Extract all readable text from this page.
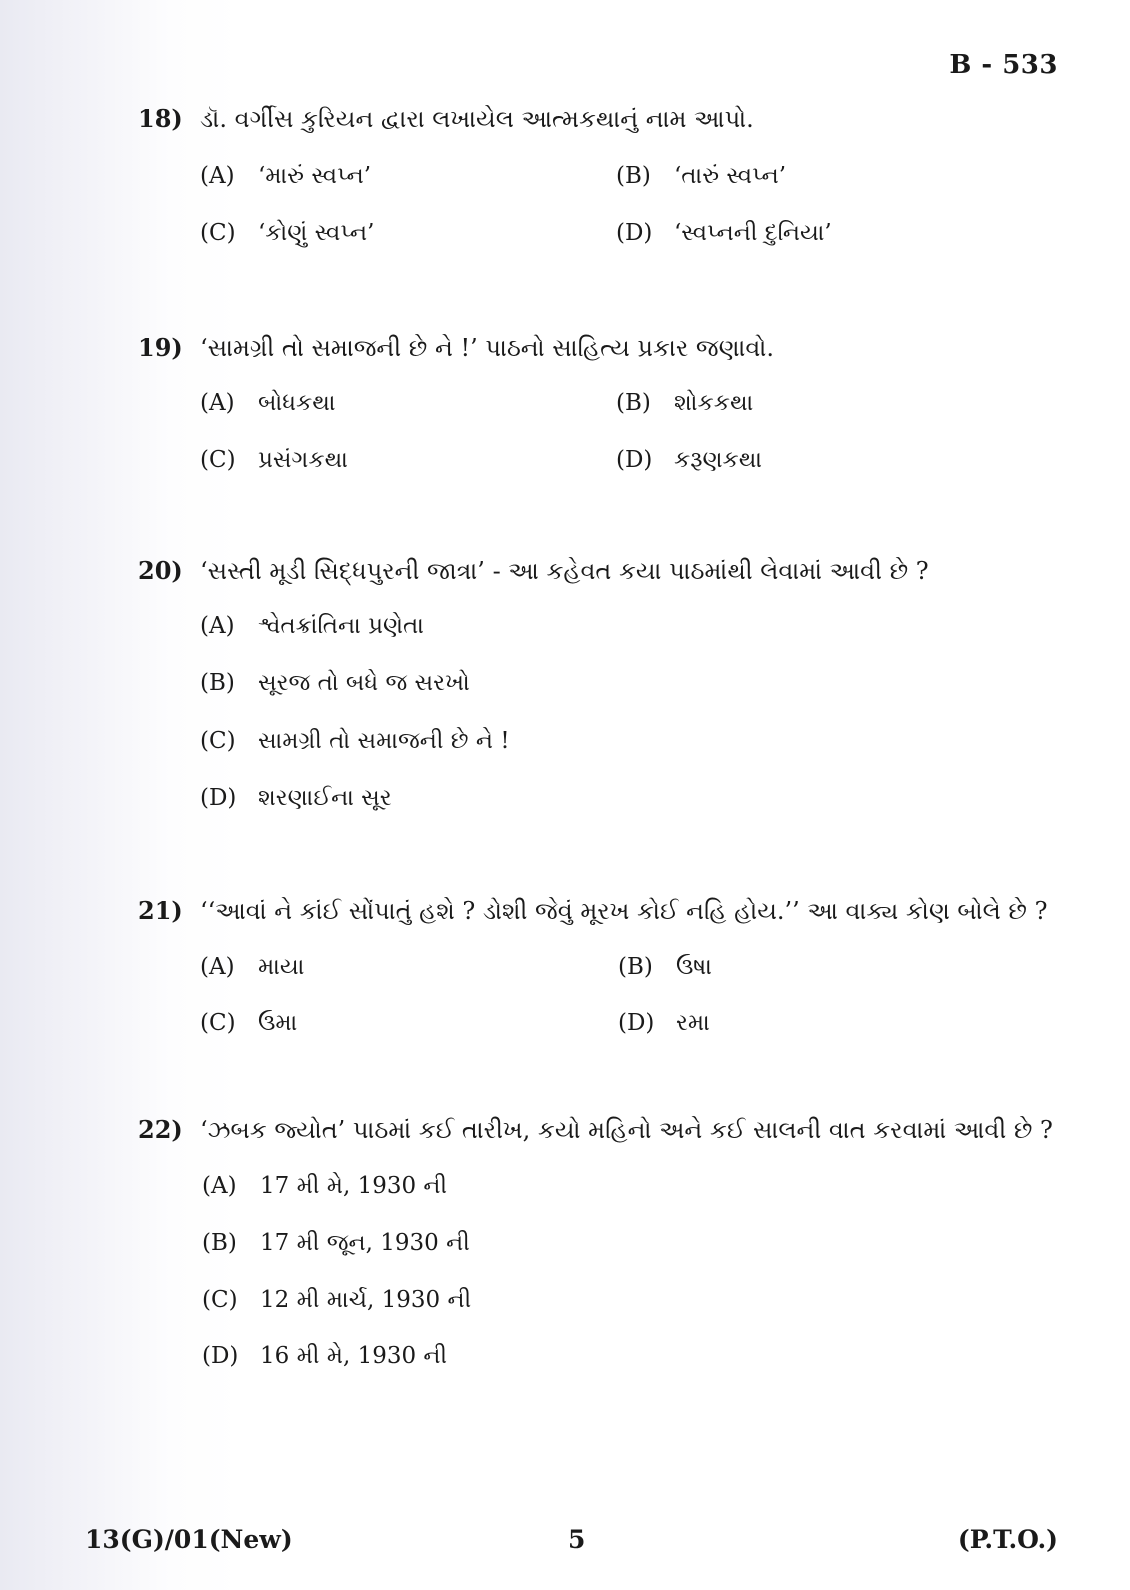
B - 533
18) ડૉ. વર્ગીસ કુરિયન દ્વારા લખાયેલ આત્મકથાનું નામ આપો.
(A) ‘મારું સ્વપ્ન’	(B) ‘તારું સ્વપ્ન’
(C) ‘કોણું સ્વપ્ન’	(D) ‘સ્વપ્નની દુનિયા’
19) ‘સામગ્રી તો સમાજની છે ને !’ પાઠનો સાહિત્ય પ્રકાર જણાવો.
(A) બોધકથા	(B) શોકકથા
(C) પ્રસંગકથા	(D) કરૂણકથા
20) ‘સસ્તી મૂડી સિદ્ધપુરની જાત્રા’ - આ કહેવત કયા પાઠમાંથી લેવામાં આવી છે ?
(A) શ્વેતક્રાંતિના પ્રણેતા
(B) સૂરજ તો બધે જ સરખો
(C) સામગ્રી તો સમાજની છે ને !
(D) શરણાઈના સૂર
21) ‘‘આવાં ને કાંઈ સોંપાતું હશે ? ડોશી જેવું મૂરખ કોઈ નહિ હોય.’’ આ વાક્ય કોણ બોલે છે ?
(A) માયા	(B) ઉષા
(C) ઉમા	(D) રમા
22) ‘ઝબક જ્યોત’ પાઠમાં કઈ તારીખ, કયો મહિનો અને કઈ સાલની વાત કરવામાં આવી છે ?
(A) 17 મી મે, 1930 ની
(B) 17 મી જૂન, 1930 ની
(C) 12 મી માર્ચ, 1930 ની
(D) 16 મી મે, 1930 ની
13(G)/01(New)	5	(P.T.O.)
